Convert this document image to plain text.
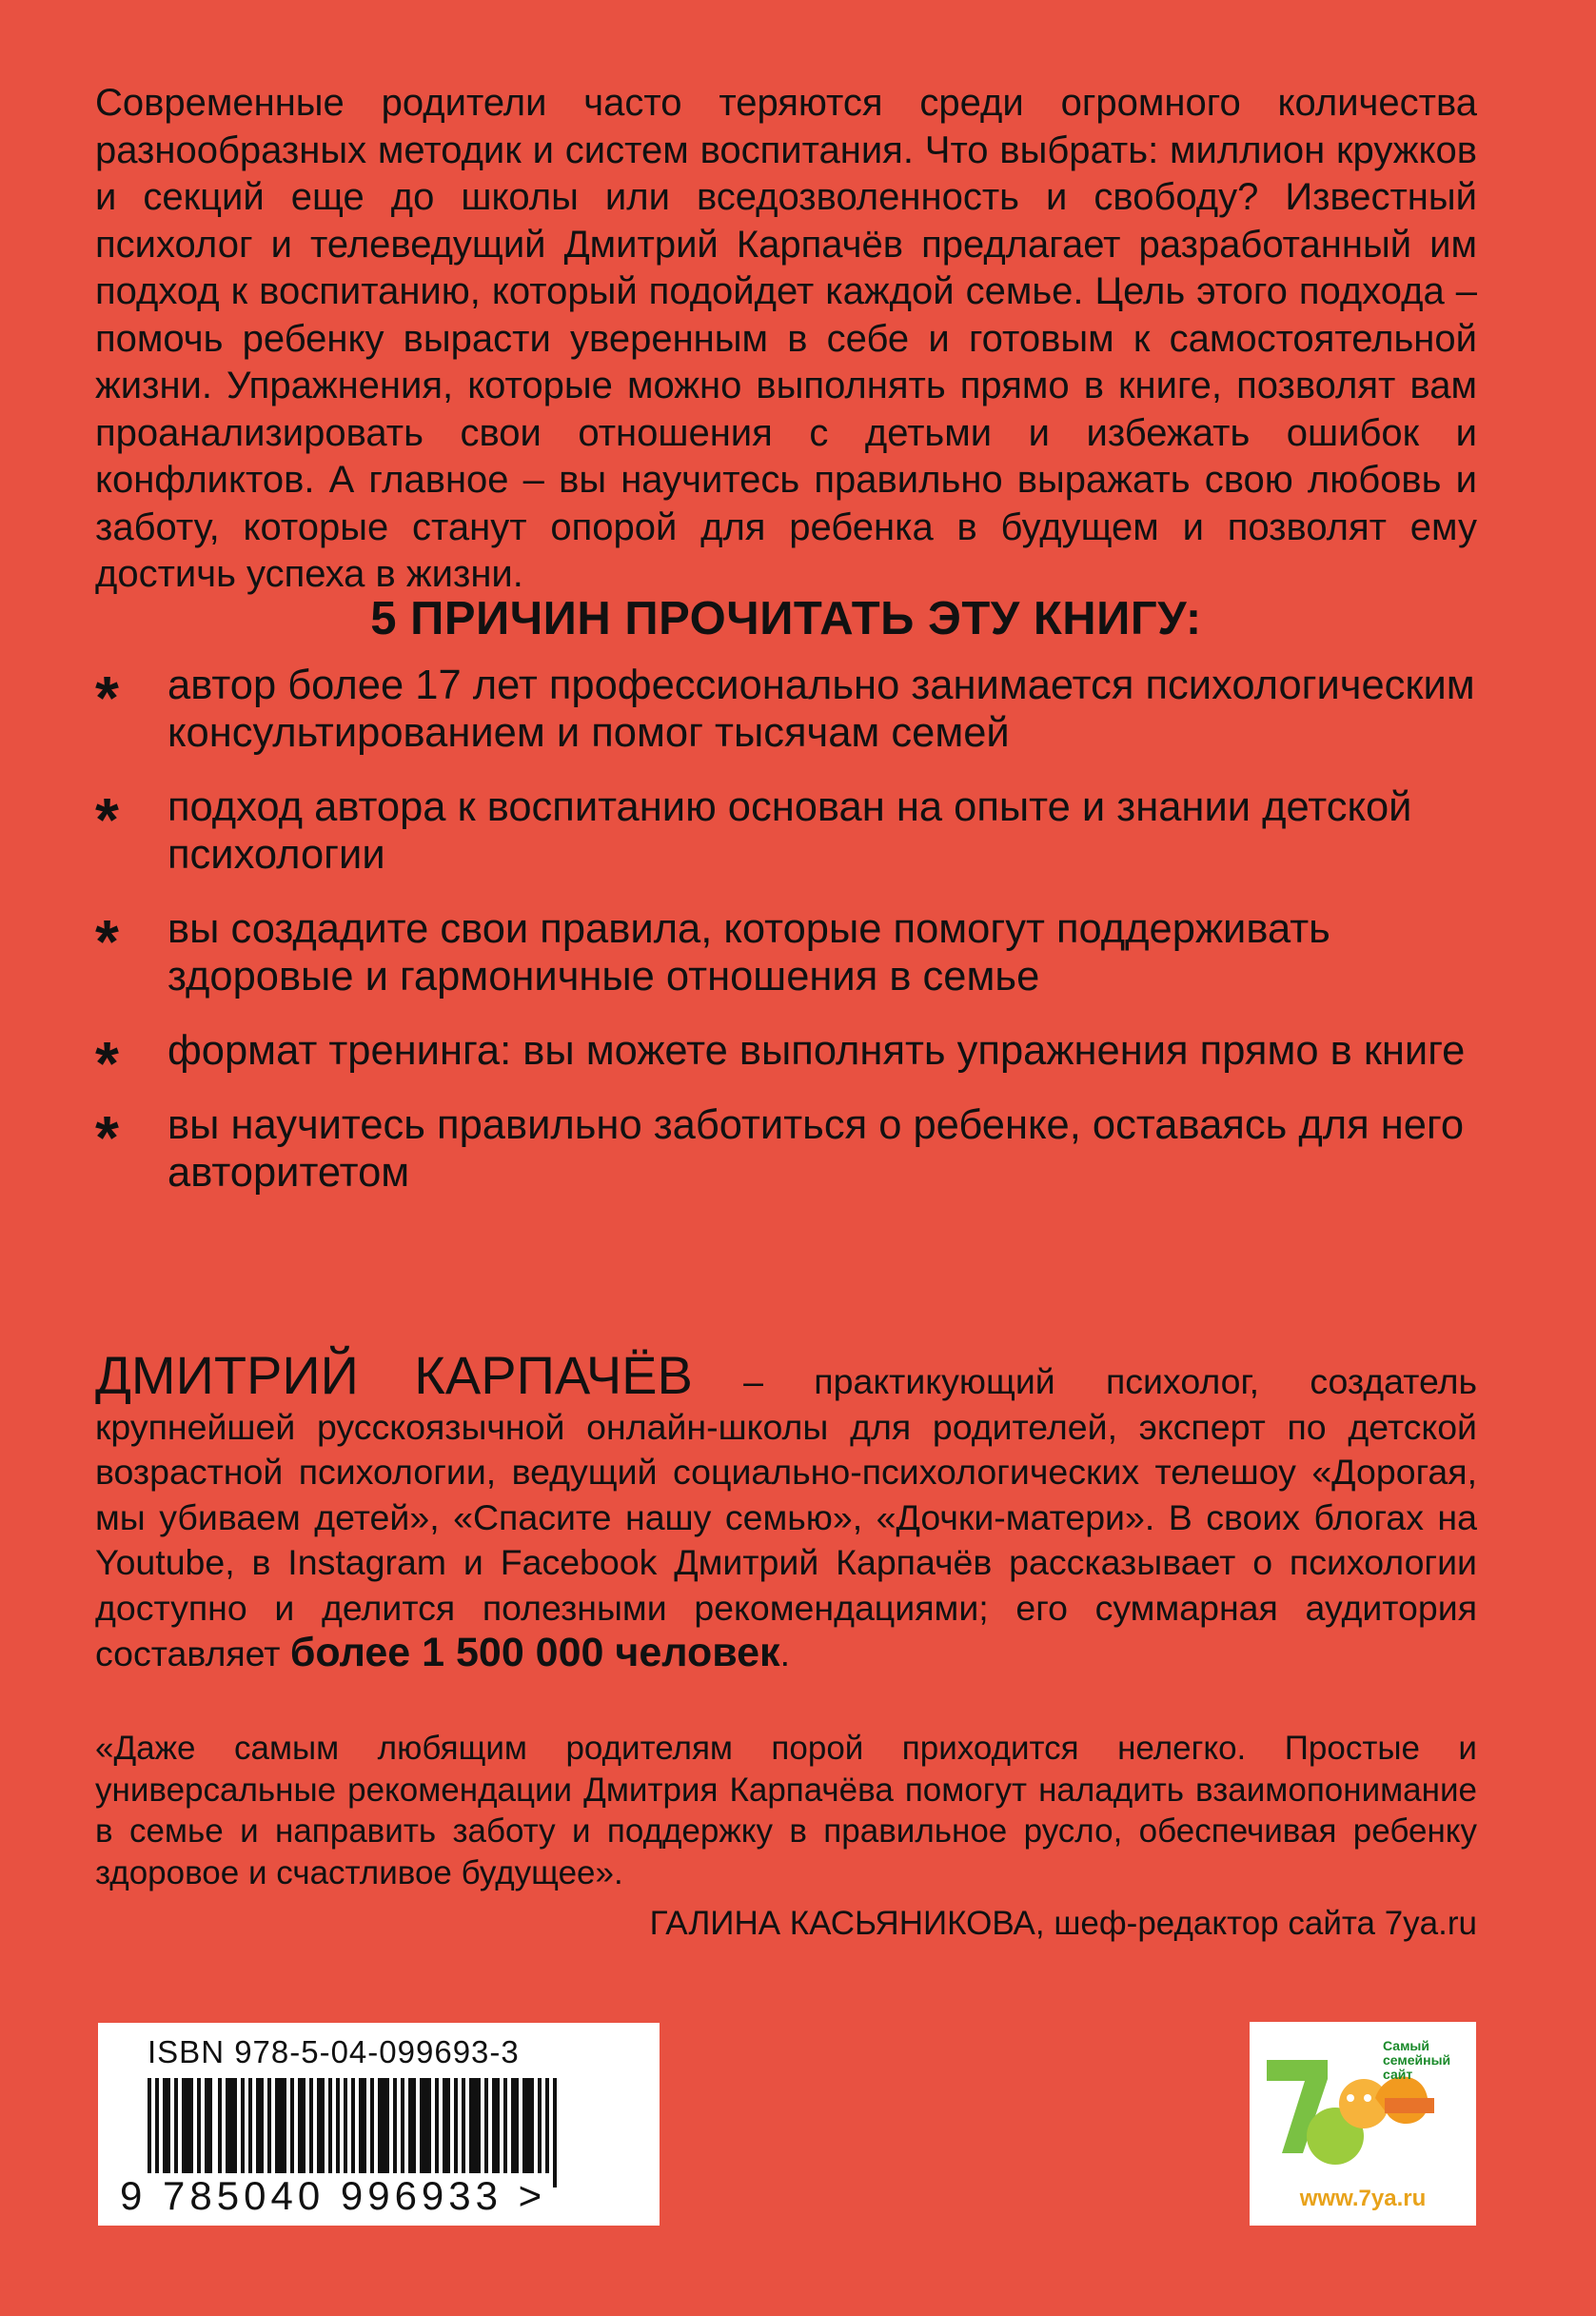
Современные родители часто теряются среди огромного количества разнообразных методик и систем воспитания. Что выбрать: миллион кружков и секций еще до школы или вседозволенность и свободу? Известный психолог и телеведущий Дмитрий Карпачёв предлагает разработанный им подход к воспитанию, который подойдет каждой семье. Цель этого подхода – помочь ребенку вырасти уверенным в себе и готовым к самостоятельной жизни. Упражнения, которые можно выполнять прямо в книге, позволят вам проанализировать свои отношения с детьми и избежать ошибок и конфликтов. А главное – вы научитесь правильно выражать свою любовь и заботу, которые станут опорой для ребенка в будущем и позволят ему достичь успеха в жизни.

5 ПРИЧИН ПРОЧИТАТЬ ЭТУ КНИГУ:
* автор более 17 лет профессионально занимается психологическим консультированием и помог тысячам семей
* подход автора к воспитанию основан на опыте и знании детской психологии
* вы создадите свои правила, которые помогут поддерживать здоровые и гармоничные отношения в семье
* формат тренинга: вы можете выполнять упражнения прямо в книге
* вы научитесь правильно заботиться о ребенке, оставаясь для него авторитетом

ДМИТРИЙ КАРПАЧЁВ – практикующий психолог, создатель крупнейшей русскоязычной онлайн-школы для родителей, эксперт по детской возрастной психологии, ведущий социально-психологических телешоу «Дорогая, мы убиваем детей», «Спасите нашу семью», «Дочки-матери». В своих блогах на Youtube, в Instagram и Facebook Дмитрий Карпачёв рассказывает о психологии доступно и делится полезными рекомендациями; его суммарная аудитория составляет более 1 500 000 человек.

«Даже самым любящим родителям порой приходится нелегко. Простые и универсальные рекомендации Дмитрия Карпачёва помогут наладить взаимопонимание в семье и направить заботу и поддержку в правильное русло, обеспечивая ребенку здоровое и счастливое будущее».

ГАЛИНА КАСЬЯНИКОВА, шеф-редактор сайта 7ya.ru

ISBN 978-5-04-099693-3

9 785040 996933 >

Самый семейный сайт

www.7ya.ru
